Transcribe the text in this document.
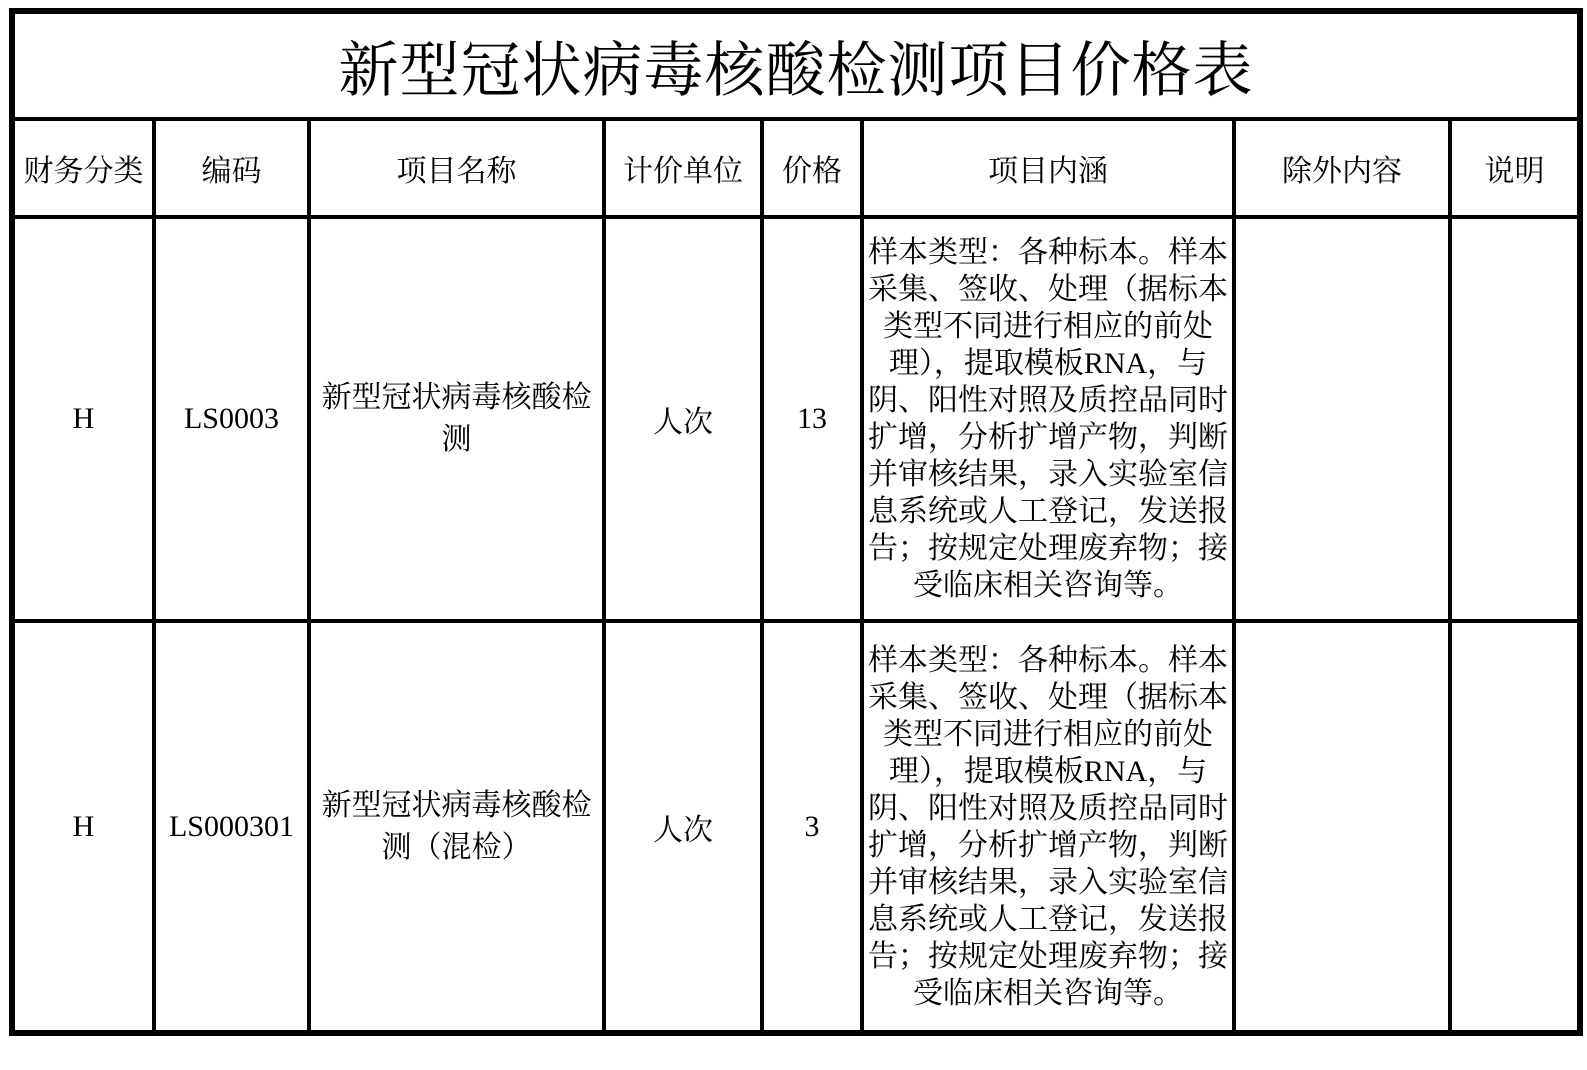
新型冠状病毒核酸检测项目价格表							
财务分类	编码	项目名称	计价单位	价格	项目内涵	除外内容	说明
H	LS0003	新型冠状病毒核酸检测	人次	13	样本类型：各种标本。样本采集、签收、处理（据标本类型不同进行相应的前处理），提取模板RNA，与阴、阳性对照及质控品同时扩增，分析扩增产物，判断并审核结果，录入实验室信息系统或人工登记，发送报告；按规定处理废弃物；接受临床相关咨询等。		
H	LS000301	新型冠状病毒核酸检测（混检）	人次	3	样本类型：各种标本。样本采集、签收、处理（据标本类型不同进行相应的前处理），提取模板RNA，与阴、阳性对照及质控品同时扩增，分析扩增产物，判断并审核结果，录入实验室信息系统或人工登记，发送报告；按规定处理废弃物；接受临床相关咨询等。		
